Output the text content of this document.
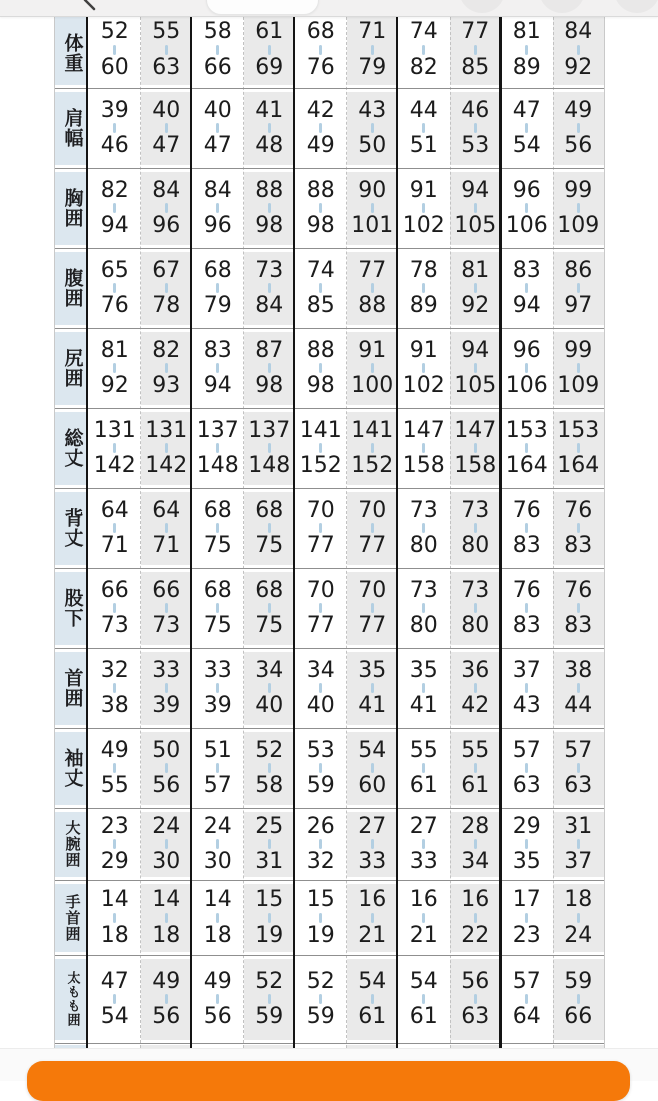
体重
52
60
55
63
58
66
61
69
68
76
71
79
74
82
77
85
81
89
84
92
肩幅 39
46
40
47
40
47
41
48
42
49
43
50
44
51
46
53
47
54
49
56
胸囲 82
94
84
96
84
96
88
98
88
98
90
101
91
102
94
105
96
106
99
109
腹囲 65
76
67
78
68
79
73
84
74
85
77
88
78
89
81
92
83
94
86
97
尻囲 81
92
82
93
83
94
87
98
88
98
91
100
91
102
94
105
96
106
99
109
総丈 131
142
131
142
137
148
137
148
141
152
141
152
147
158
147
158
153
164
153
164
背丈 64
71
64
71
68
75
68
75
70
77
70
77
73
80
73
80
76
83
76
83
股下 66
73
66
73
68
75
68
75
70
77
70
77
73
80
73
80
76
83
76
83
首囲 32
38
33
39
33
39
34
40
34
40
35
41
35
41
36
42
37
43
38
44
袖丈 49
55
50
56
51
57
52
58
53
59
54
60
55
61
55
61
57
63
57
63
大腕囲 23
29
24
30
24
30
25
31
26
32
27
33
27
33
28
34
29
35
31
37
手首囲 14
18
14
18
14
18
15
19
15
19
16
21
16
21
16
22
17
23
18
24
太もも囲 47
54
49
56
49
56
52
59
52
59
54
61
54
61
56
63
57
64
59
66
